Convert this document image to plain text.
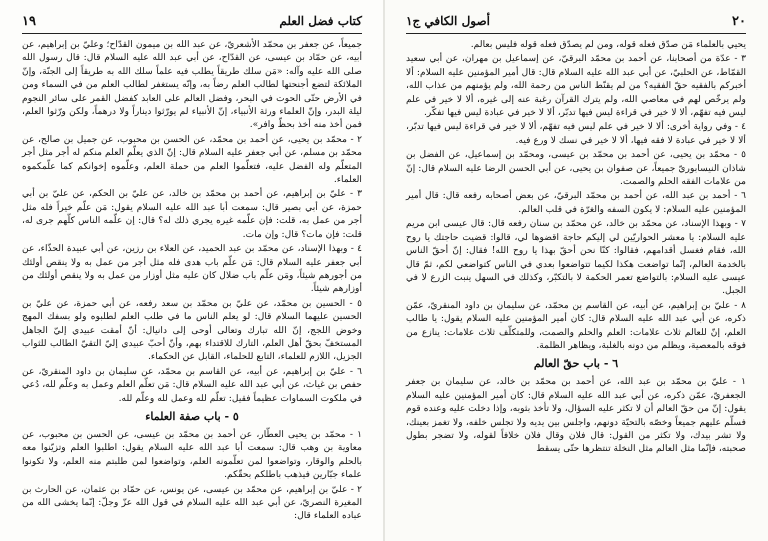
كتاب فضل العلم
١٩

جميعاً، عن جعفر بن محمّد الأشعريّ، عن عبد الله بن ميمون القدّاح؛ وعليّ بن إبراهيم، عن أبيه، عن حمّاد بن عيسى، عن القدّاح، عن أبي عبد الله عليه السلام قال: قال رسول الله صلى الله عليه وآله: «مَن سلك طريقاً يطلب فيه علماً سلك الله به طريقاً إلى الجنّة، وإنّ الملائكة لتضع أجنحتها لطالب العلم رضاً به، وإنّه يستغفر لطالب العلم من في السماء ومن في الأرض حتّى الحوت في البحر، وفضل العالم على العابد كفضل القمر على سائر النجوم ليلة البدر، وإنّ العلماء ورثة الأنبياء، إنّ الأنبياء لم يورّثوا ديناراً ولا درهماً، ولكن ورّثوا العلم، فمن أخذ منه أخذ بحظّ وافر».

٢ - محمّد بن يحيى، عن أحمد بن محمّد، عن الحسن بن محبوب، عن جميل بن صالح، عن محمّد بن مسلم، عن أبي جعفر عليه السلام قال: إنّ الذي يعلّم العلم منكم له أجر مثل أجر المتعلّم وله الفضل عليه، فتعلّموا العلم من حملة العلم، وعلّموه إخوانكم كما علّمكموه العلماء.

٣ - عليّ بن إبراهيم، عن أحمد بن محمّد بن خالد، عن عليّ بن الحكم، عن عليّ بن أبي حمزة، عن أبي بصير قال: سمعت أبا عبد الله عليه السلام يقول: مَن علّم خيراً فله مثل أجر من عمل به، قلت: فإن علّمه غيره يجري ذلك له؟ قال: إن علّمه الناس كلّهم جرى له، قلت: فإن مات؟ قال: وإن مات.

٤ - وبهذا الإسناد، عن محمّد بن عبد الحميد، عن العلاء بن رزين، عن أبي عبيدة الحذّاء، عن أبي جعفر عليه السلام قال: مَن علّم باب هدى فله مثل أجر من عمل به ولا ينقص أولئك من أجورهم شيئاً، ومَن علّم باب ضلال كان عليه مثل أوزار من عمل به ولا ينقص أولئك من أوزارهم شيئاً.

٥ - الحسين بن محمّد، عن عليّ بن محمّد بن سعد رفعه، عن أبي حمزة، عن عليّ بن الحسين عليهما السلام قال: لو يعلم الناس ما في طلب العلم لطلبوه ولو بسفك المهج وخوض اللجج، إنّ الله تبارك وتعالى أوحى إلى دانيال: أنّ أمقت عبيدي إليّ الجاهل المستخفّ بحقّ أهل العلم، التارك للاقتداء بهم، وأنّ أحبّ عبيدي إليّ التقيّ الطالب للثواب الجزيل، اللازم للعلماء، التابع للحلماء، القابل عن الحكماء.

٦ - عليّ بن إبراهيم، عن أبيه، عن القاسم بن محمّد، عن سليمان بن داود المنقريّ، عن حفص بن غياث، عن أبي عبد الله عليه السلام قال: مَن تعلّم العلم وعمل به وعلّم لله، دُعي في ملكوت السماوات عظيماً فقيل: تعلّم لله وعمل لله وعلّم لله.

٥ - باب صفة العلماء

١ - محمّد بن يحيى العطّار، عن أحمد بن محمّد بن عيسى، عن الحسن بن محبوب، عن معاوية بن وهب قال: سمعت أبا عبد الله عليه السلام يقول: اطلبوا العلم وتزيّنوا معه بالحلم والوقار، وتواضعوا لمن تعلّمونه العلم، وتواضعوا لمن طلبتم منه العلم، ولا تكونوا علماء جبّارين فيذهب باطلكم بحقّكم.

٢ - عليّ بن إبراهيم، عن محمّد بن عيسى، عن يونس، عن حمّاد بن عثمان، عن الحارث بن المغيرة النصريّ، عن أبي عبد الله عليه السلام في قول الله عزّ وجلّ: إنّما يخشى الله من عباده العلماء قال:

٢٠
أصول الكافي ج١

يحيي بالعلماء مَن صدّق فعله قوله، ومن لم يصدّق فعله قوله فليس بعالم.

٣ - عدّة من أصحابنا، عن أحمد بن محمّد البرقيّ، عن إسماعيل بن مهران، عن أبي سعيد القمّاط، عن الحلبيّ، عن أبي عبد الله عليه السلام قال: قال أمير المؤمنين عليه السلام: ألا أخبركم بالفقيه حقّ الفقيه؟ من لم يقنّط الناس من رحمة الله، ولم يؤمنهم من عذاب الله، ولم يرخّص لهم في معاصي الله، ولم يترك القرآن رغبة عنه إلى غيره، ألا لا خير في علم ليس فيه تفهّم، ألا لا خير في قراءة ليس فيها تدبّر، ألا لا خير في عبادة ليس فيها تفكّر.

٤ - وفي رواية أخرى: ألا لا خير في علم ليس فيه تفهّم، ألا لا خير في قراءة ليس فيها تدبّر، ألا لا خير في عبادة لا فقه فيها، ألا لا خير في نسك لا ورع فيه.

٥ - محمّد بن يحيى، عن أحمد بن محمّد بن عيسى، ومحمّد بن إسماعيل، عن الفضل بن شاذان النيسابوريّ جميعاً، عن صفوان بن يحيى، عن أبي الحسن الرضا عليه السلام قال: إنّ من علامات الفقه الحلم والصمت.

٦ - أحمد بن عبد الله، عن أحمد بن محمّد البرقيّ، عن بعض أصحابه رفعه قال: قال أمير المؤمنين عليه السلام: لا يكون السفه والغرّة في قلب العالم.

٧ - وبهذا الإسناد، عن محمّد بن خالد، عن محمّد بن سنان رفعه قال: قال عيسى ابن مريم عليه السلام: يا معشر الحواريّين لي إليكم حاجة اقضوها لي، قالوا: قضيت حاجتك يا روح الله، فقام فغسل أقدامهم، فقالوا: كنّا نحن أحقّ بهذا يا روح الله! فقال: إنّ أحقّ الناس بالخدمة العالم، إنّما تواضعت هكذا لكيما تتواضعوا بعدي في الناس كتواضعي لكم، ثمّ قال عيسى عليه السلام: بالتواضع تعمر الحكمة لا بالتكبّر، وكذلك في السهل ينبت الزرع لا في الجبل.

٨ - عليّ بن إبراهيم، عن أبيه، عن القاسم بن محمّد، عن سليمان بن داود المنقريّ، عمّن ذكره، عن أبي عبد الله عليه السلام قال: كان أمير المؤمنين عليه السلام يقول: يا طالب العلم، إنّ للعالم ثلاث علامات: العلم والحلم والصمت، وللمتكلّف ثلاث علامات: ينازع من فوقه بالمعصية، ويظلم من دونه بالغلبة، ويظاهر الظلمة.

٦ - باب حقّ العالم

١ - عليّ بن محمّد بن عبد الله، عن أحمد بن محمّد بن خالد، عن سليمان بن جعفر الجعفريّ، عمّن ذكره، عن أبي عبد الله عليه السلام قال: كان أمير المؤمنين عليه السلام يقول: إنّ من حقّ العالم أن لا تكثر عليه السؤال، ولا تأخذ بثوبه، وإذا دخلت عليه وعنده قوم فسلّم عليهم جميعاً وخصّه بالتحيّة دونهم، واجلس بين يديه ولا تجلس خلفه، ولا تغمز بعينك، ولا تشر بيدك، ولا تكثر من القول: قال فلان وقال فلان خلافاً لقوله، ولا تضجر بطول صحبته، فإنّما مثل العالم مثل النخلة تنتظرها حتّى يسقط
